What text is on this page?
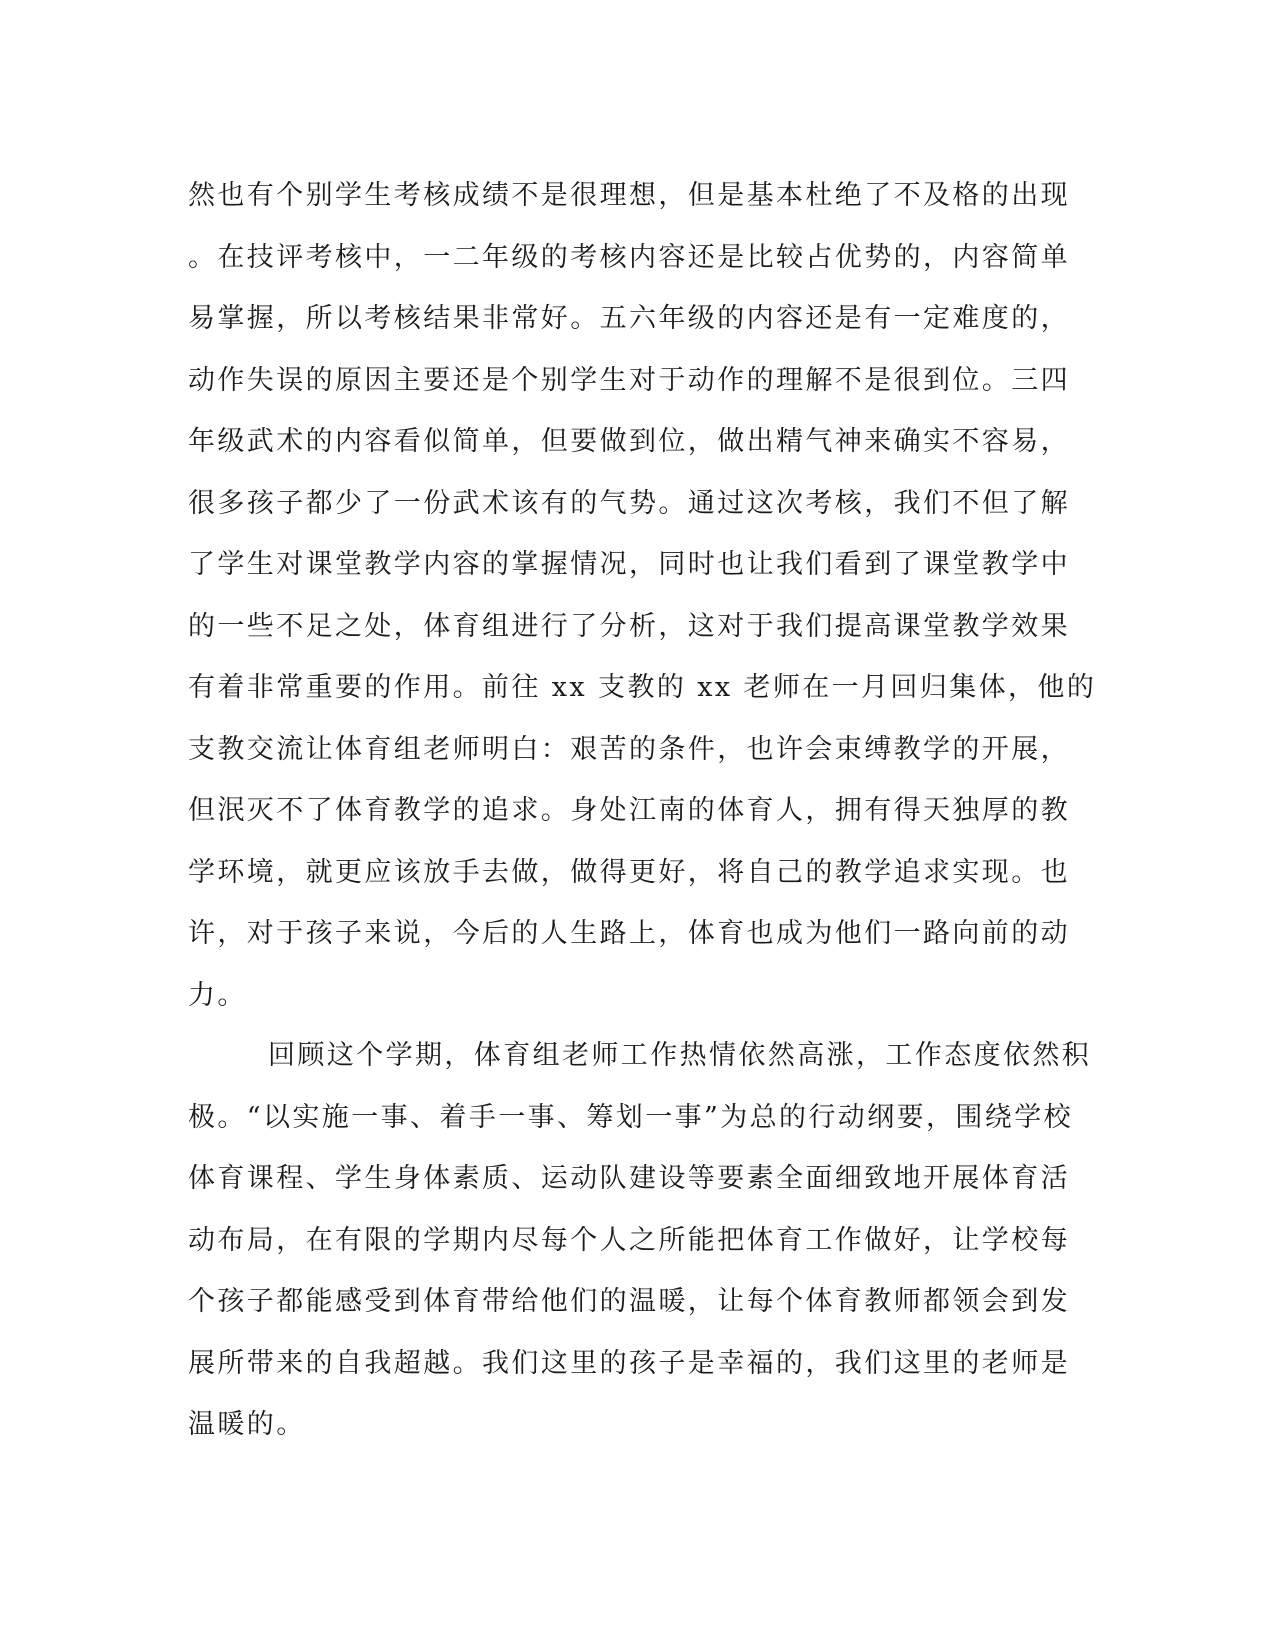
然也有个别学生考核成绩不是很理想，但是基本杜绝了不及格的出现
。在技评考核中，一二年级的考核内容还是比较占优势的，内容简单
易掌握，所以考核结果非常好。五六年级的内容还是有一定难度的，
动作失误的原因主要还是个别学生对于动作的理解不是很到位。三四
年级武术的内容看似简单，但要做到位，做出精气神来确实不容易，
很多孩子都少了一份武术该有的气势。通过这次考核，我们不但了解
了学生对课堂教学内容的掌握情况，同时也让我们看到了课堂教学中
的一些不足之处，体育组进行了分析，这对于我们提高课堂教学效果
有着非常重要的作用。前往 xx 支教的 xx 老师在一月回归集体，他的
支教交流让体育组老师明白：艰苦的条件，也许会束缚教学的开展，
但泯灭不了体育教学的追求。身处江南的体育人，拥有得天独厚的教
学环境，就更应该放手去做，做得更好，将自己的教学追求实现。也
许，对于孩子来说，今后的人生路上，体育也成为他们一路向前的动
力。
回顾这个学期，体育组老师工作热情依然高涨，工作态度依然积
极。“以实施一事、着手一事、筹划一事”为总的行动纲要，围绕学校
体育课程、学生身体素质、运动队建设等要素全面细致地开展体育活
动布局，在有限的学期内尽每个人之所能把体育工作做好，让学校每
个孩子都能感受到体育带给他们的温暖，让每个体育教师都领会到发
展所带来的自我超越。我们这里的孩子是幸福的，我们这里的老师是
温暖的。
